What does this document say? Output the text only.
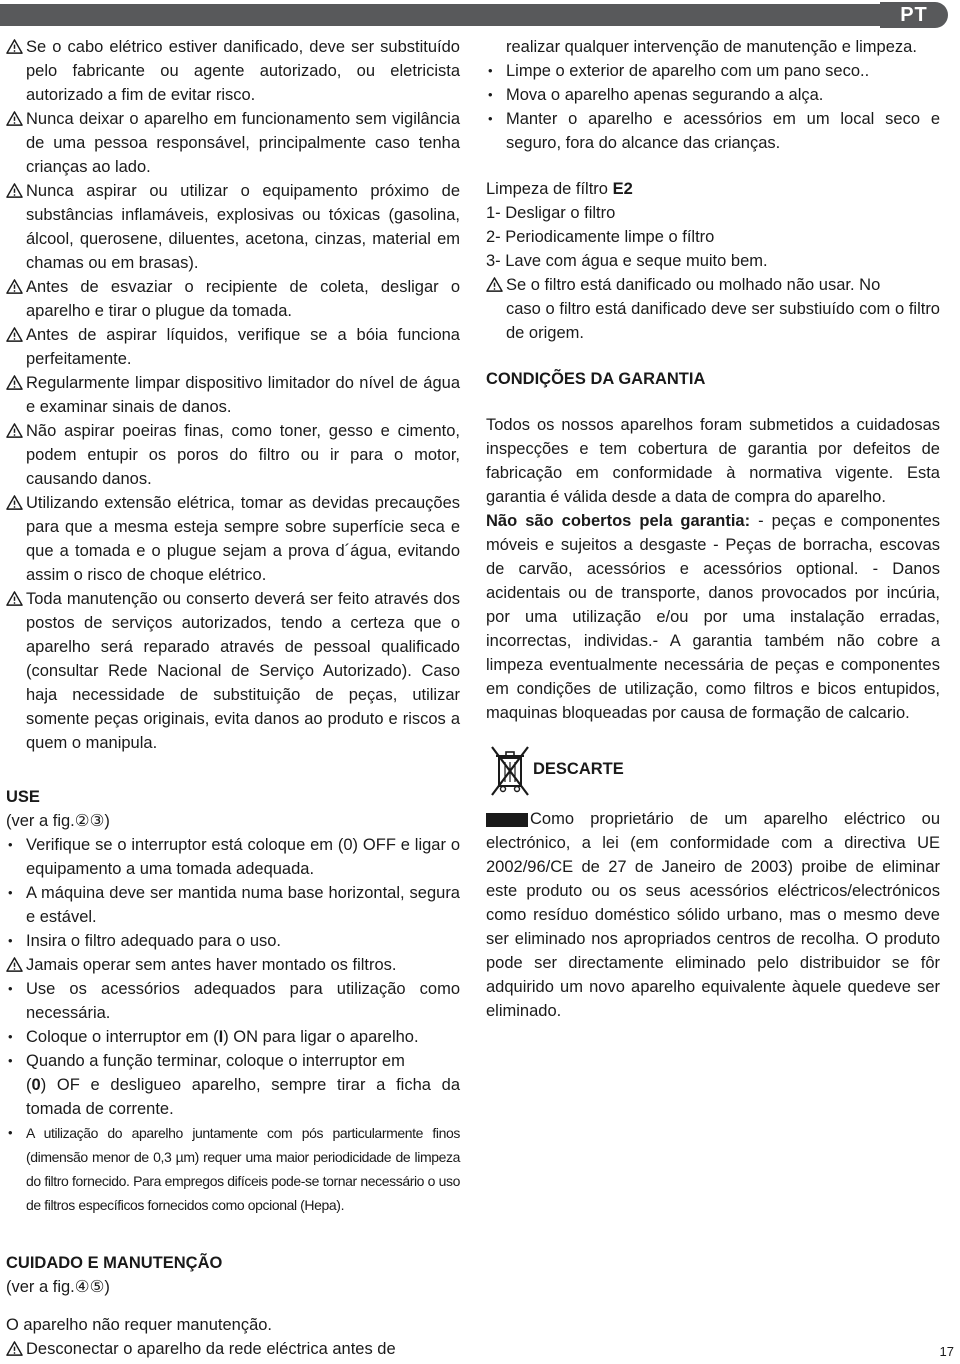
PT

Se o cabo elétrico estiver danificado, deve ser substituído pelo fabricante ou agente autorizado, ou eletricista autorizado a fim de evitar risco.

Nunca deixar o aparelho em funcionamento sem vigilância de uma pessoa responsável, principalmente caso tenha crianças ao lado.

Nunca aspirar ou utilizar o equipamento próximo de substâncias inflamáveis, explosivas ou tóxicas (gasolina, álcool, querosene, diluentes, acetona, cinzas, material em chamas ou em brasas).

Antes de esvaziar o recipiente de coleta, desligar o aparelho e tirar o plugue da tomada.

Antes de aspirar líquidos, verifique se a bóia funciona perfeitamente.

Regularmente limpar dispositivo limitador do nível de água e examinar sinais de danos.

Não aspirar poeiras finas, como toner, gesso e cimento, podem entupir os poros do filtro ou ir para o motor, causando danos.

Utilizando extensão elétrica, tomar as devidas precauções para que a mesma esteja sempre sobre superfície seca e que a tomada e o plugue sejam a prova d´água, evitando assim o risco de choque elétrico.

Toda manutenção ou conserto deverá ser feito através dos postos de serviços autorizados, tendo a certeza que o aparelho será reparado através de pessoal qualificado (consultar Rede Nacional de Serviço Autorizado). Caso haja necessidade de substituição de peças, utilizar somente peças originais, evita danos ao produto e riscos a quem o manipula.

USE

(ver a fig.②③)

• Verifique se o interruptor está coloque em (0) OFF e ligar o equipamento a uma tomada adequada.

• A máquina deve ser mantida numa base horizontal, segura e estável.

• Insira o filtro adequado para o uso.

Jamais operar sem antes haver montado os filtros.

• Use os acessórios adequados para utilização como necessária.

• Coloque o interruptor em (I) ON para ligar o aparelho.

• Quando a função terminar, coloque o interruptor em
(0) OF e desligueo aparelho, sempre tirar a ficha da tomada de corrente.

• A utilização do aparelho juntamente com pós particularmente finos (dimensão menor de 0,3 µm) requer uma maior periodicidade de limpeza do filtro fornecido. Para empregos difíceis pode-se tornar necessário o uso de filtros específicos fornecidos como opcional (Hepa).

CUIDADO E MANUTENÇÃO

(ver a fig.④⑤)

O aparelho não requer manutenção.

Desconectar o aparelho da rede eléctrica antes de

realizar qualquer intervenção de manutenção e limpeza.

• Limpe o exterior de aparelho com um pano seco..

• Mova o aparelho apenas segurando a alça.

• Manter o aparelho e acessórios em um local seco e seguro, fora do alcance das crianças.

Limpeza de fíltro E2

1- Desligar o filtro

2- Periodicamente limpe o fíltro

3- Lave com água e seque muito bem.

Se o filtro está danificado ou molhado não usar. No
caso o filtro está danificado deve ser substiuído com o filtro de origem.

CONDIÇÕES DA GARANTIA

Todos os nossos aparelhos foram submetidos a cuidadosas inspecções e tem cobertura de garantia por defeitos de fabricação em conformidade à normativa vigente. Esta garantia é válida desde a data de compra do aparelho.

Não são cobertos pela garantia: - peças e componentes móveis e sujeitos a desgaste - Peças de borracha, escovas de carvão, acessórios e acessórios optional. - Danos acidentais ou de transporte, danos provocados por incúria, por uma utilização e/ou por uma instalação erradas, incorrectas, individas.- A garantia também não cobre a limpeza eventualmente necessária de peças e componentes em condições de utilização, como filtros e bicos entupidos, maquinas bloqueadas por causa de formação de calcario.

DESCARTE

Como proprietário de um aparelho eléctrico ou electrónico, a lei (em conformidade com a directiva UE 2002/96/CE de 27 de Janeiro de 2003) proibe de eliminar este produto ou os seus acessórios eléctricos/electrónicos como resíduo doméstico sólido urbano, mas o mesmo deve ser eliminado nos apropriados centros de recolha. O produto pode ser directamente eliminado pelo distribuidor se fôr adquirido um novo aparelho equivalente àquele quedeve ser eliminado.

17
